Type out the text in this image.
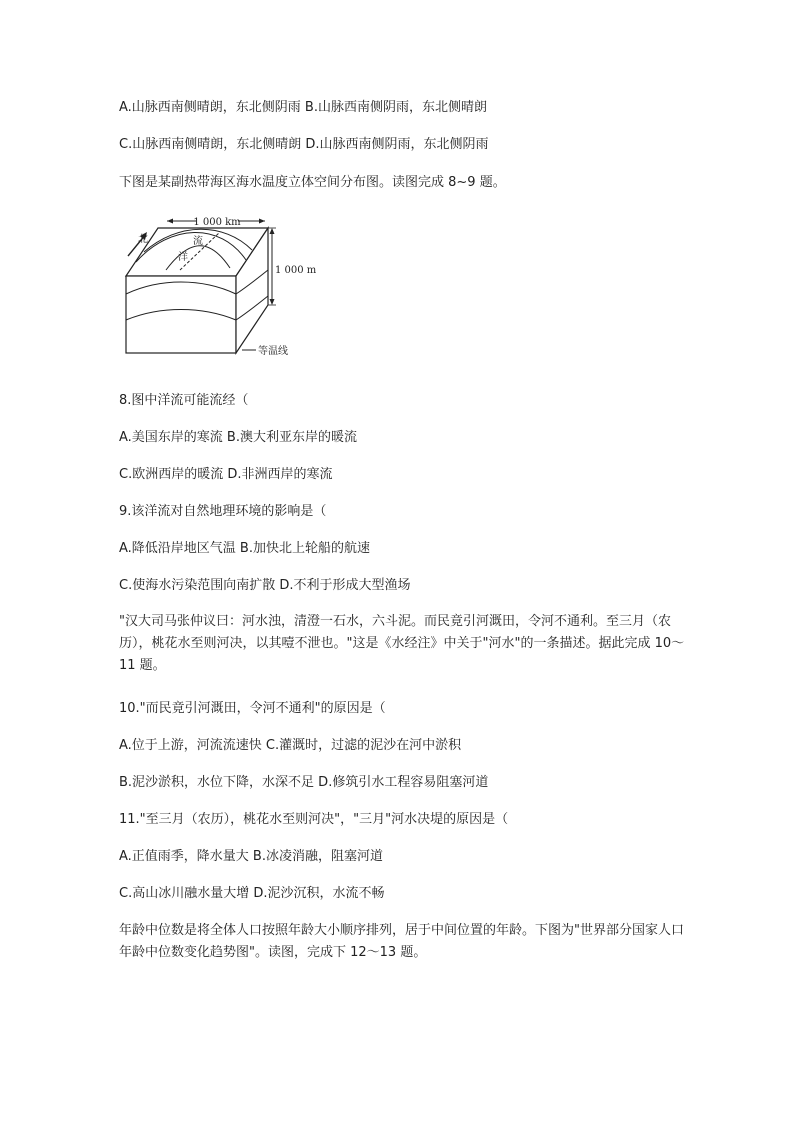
A.山脉西南侧晴朗，东北侧阴雨 B.山脉西南侧阴雨，东北侧晴朗
C.山脉西南侧晴朗，东北侧晴朗 D.山脉西南侧阴雨，东北侧阴雨
下图是某副热带海区海水温度立体空间分布图。读图完成 8~9 题。
1 000 km
流
洋
北
1 000 m
等温线
8.图中洋流可能流经（
A.美国东岸的寒流 B.澳大利亚东岸的暖流
C.欧洲西岸的暖流 D.非洲西岸的寒流
9.该洋流对自然地理环境的影响是（
A.降低沿岸地区气温 B.加快北上轮船的航速
C.使海水污染范围向南扩散 D.不利于形成大型渔场
"汉大司马张仲议曰：河水浊，清澄一石水，六斗泥。而民竟引河溉田，令河不通利。至三月（农历），桃花水至则河决，以其噎不泄也。"这是《水经注》中关于"河水"的一条描述。据此完成 10～11 题。
10."而民竟引河溉田，令河不通利"的原因是（
A.位于上游，河流流速快 C.灌溉时，过滤的泥沙在河中淤积
B.泥沙淤积，水位下降，水深不足 D.修筑引水工程容易阻塞河道
11."至三月（农历），桃花水至则河决"，"三月"河水决堤的原因是（
A.正值雨季，降水量大 B.冰凌消融，阻塞河道
C.高山冰川融水量大增 D.泥沙沉积，水流不畅
年龄中位数是将全体人口按照年龄大小顺序排列，居于中间位置的年龄。下图为"世界部分国家人口年龄中位数变化趋势图"。读图，完成下 12～13 题。
